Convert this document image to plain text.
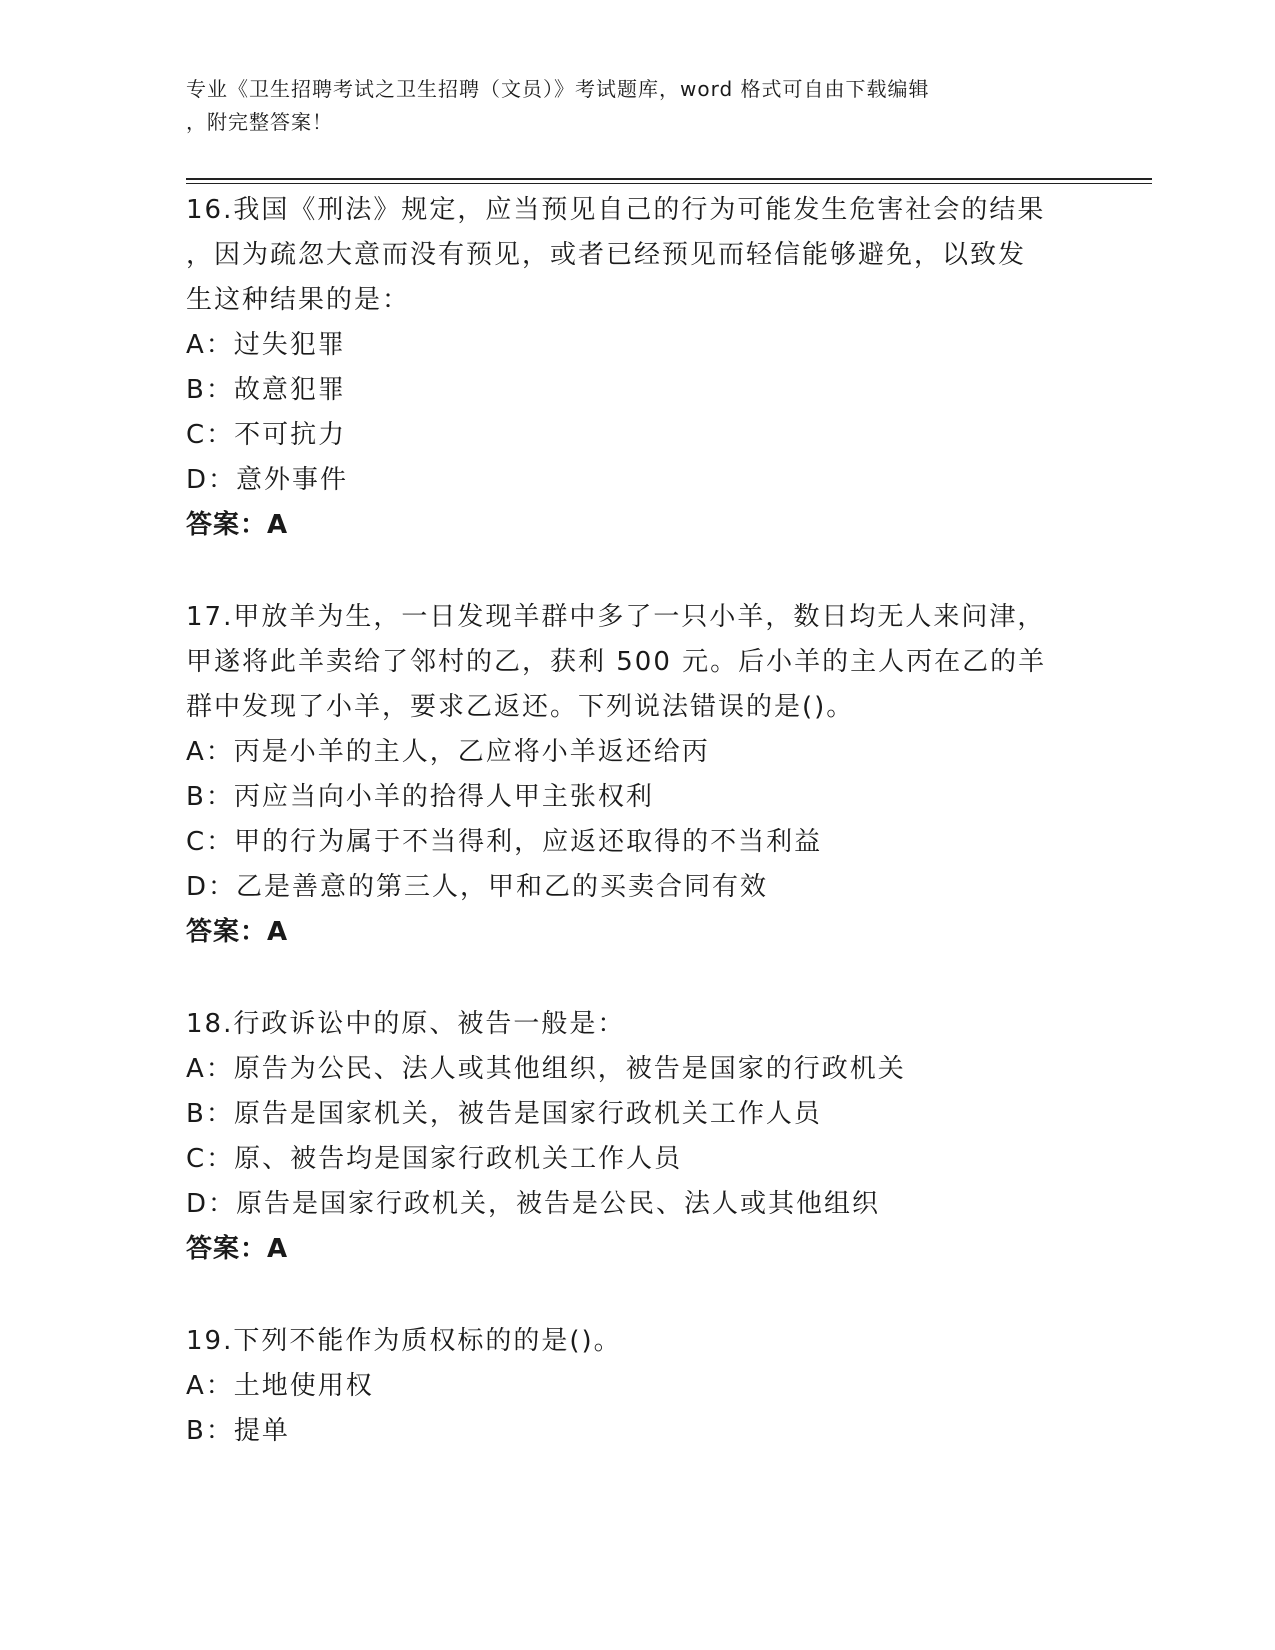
专业《卫生招聘考试之卫生招聘（文员）》考试题库，word 格式可自由下载编辑
，附完整答案！
16.我国《刑法》规定，应当预见自己的行为可能发生危害社会的结果
，因为疏忽大意而没有预见，或者已经预见而轻信能够避免，以致发
生这种结果的是：
A：过失犯罪
B：故意犯罪
C：不可抗力
D：意外事件
答案：A
17.甲放羊为生，一日发现羊群中多了一只小羊，数日均无人来问津，
甲遂将此羊卖给了邻村的乙，获利 500 元。后小羊的主人丙在乙的羊
群中发现了小羊，要求乙返还。下列说法错误的是()。
A：丙是小羊的主人，乙应将小羊返还给丙
B：丙应当向小羊的拾得人甲主张权利
C：甲的行为属于不当得利，应返还取得的不当利益
D：乙是善意的第三人，甲和乙的买卖合同有效
答案：A
18.行政诉讼中的原、被告一般是：
A：原告为公民、法人或其他组织，被告是国家的行政机关
B：原告是国家机关，被告是国家行政机关工作人员
C：原、被告均是国家行政机关工作人员
D：原告是国家行政机关，被告是公民、法人或其他组织
答案：A
19.下列不能作为质权标的的是()。
A：土地使用权
B：提单
